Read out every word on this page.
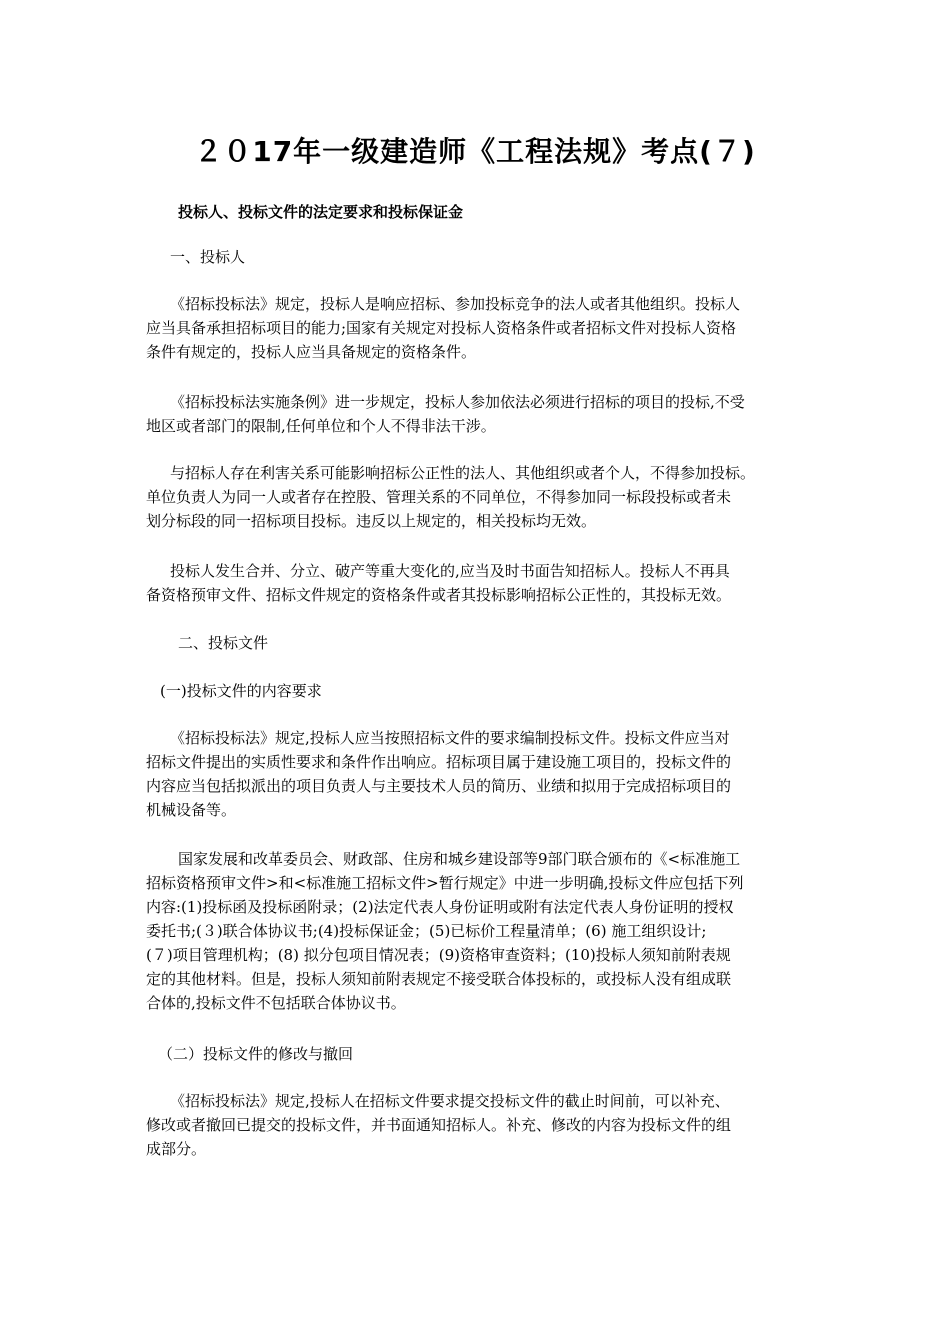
２０17年一级建造师《工程法规》考点(７)
投标人、投标文件的法定要求和投标保证金
一、投标人
《招标投标法》规定，投标人是响应招标、参加投标竞争的法人或者其他组织。投标人
应当具备承担招标项目的能力;国家有关规定对投标人资格条件或者招标文件对投标人资格
条件有规定的，投标人应当具备规定的资格条件。
《招标投标法实施条例》进一步规定，投标人参加依法必须进行招标的项目的投标,不受
地区或者部门的限制,任何单位和个人不得非法干涉。
与招标人存在利害关系可能影响招标公正性的法人、其他组织或者个人，不得参加投标。
单位负责人为同一人或者存在控股、管理关系的不同单位，不得参加同一标段投标或者未
划分标段的同一招标项目投标。违反以上规定的，相关投标均无效。
投标人发生合并、分立、破产等重大变化的,应当及时书面告知招标人。投标人不再具
备资格预审文件、招标文件规定的资格条件或者其投标影响招标公正性的，其投标无效。
二、投标文件
(一)投标文件的内容要求
《招标投标法》规定,投标人应当按照招标文件的要求编制投标文件。投标文件应当对
招标文件提出的实质性要求和条件作出响应。招标项目属于建设施工项目的，投标文件的
内容应当包括拟派出的项目负责人与主要技术人员的简历、业绩和拟用于完成招标项目的
机械设备等。
国家发展和改革委员会、财政部、住房和城乡建设部等9部门联合颁布的《<标准施工
招标资格预审文件>和<标准施工招标文件>暂行规定》中进一步明确,投标文件应包括下列
内容:(1)投标函及投标函附录；(2)法定代表人身份证明或附有法定代表人身份证明的授权
委托书;(３)联合体协议书;(4)投标保证金；(5)已标价工程量清单；(6) 施工组织设计;
(７)项目管理机构；(8) 拟分包项目情况表；(9)资格审查资料；(10)投标人须知前附表规
定的其他材料。但是，投标人须知前附表规定不接受联合体投标的，或投标人没有组成联
合体的,投标文件不包括联合体协议书。
（二）投标文件的修改与撤回
《招标投标法》规定,投标人在招标文件要求提交投标文件的截止时间前，可以补充、
修改或者撤回已提交的投标文件，并书面通知招标人。补充、修改的内容为投标文件的组
成部分。
